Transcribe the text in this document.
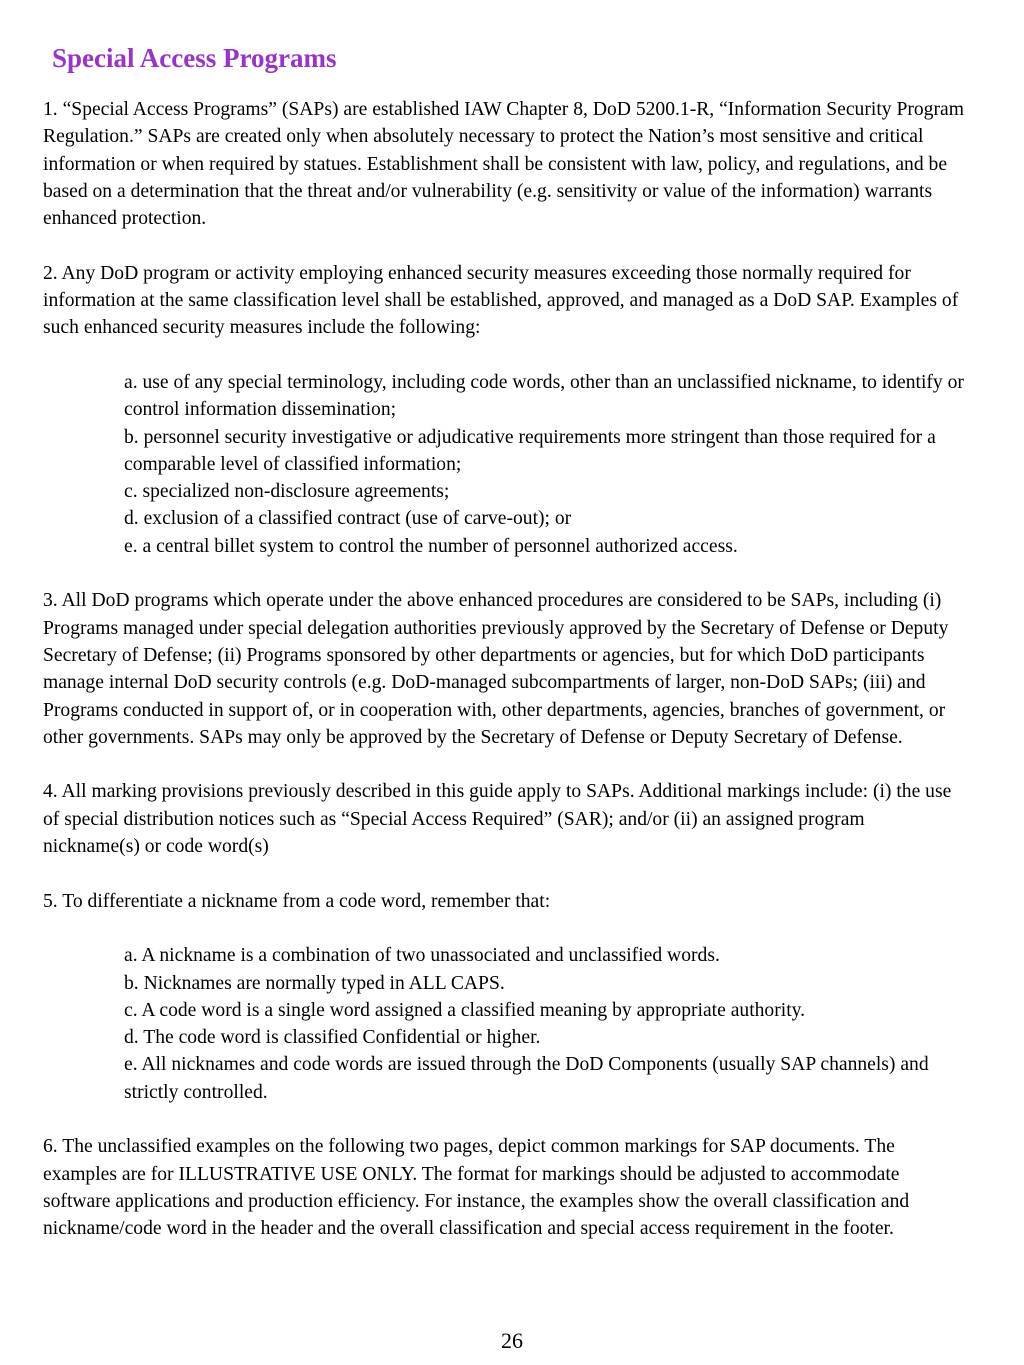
Special Access Programs

1. “Special Access Programs” (SAPs) are established IAW Chapter 8, DoD 5200.1-R, “Information Security Program Regulation.” SAPs are created only when absolutely necessary to protect the Nation’s most sensitive and critical information or when required by statues. Establishment shall be consistent with law, policy, and regulations, and be based on a determination that the threat and/or vulnerability (e.g. sensitivity or value of the information) warrants enhanced protection.

2. Any DoD program or activity employing enhanced security measures exceeding those normally required for information at the same classification level shall be established, approved, and managed as a DoD SAP. Examples of such enhanced security measures include the following:

a. use of any special terminology, including code words, other than an unclassified nickname, to identify or control information dissemination;
b. personnel security investigative or adjudicative requirements more stringent than those required for a comparable level of classified information;
c. specialized non-disclosure agreements;
d. exclusion of a classified contract (use of carve-out); or
e. a central billet system to control the number of personnel authorized access.

3. All DoD programs which operate under the above enhanced procedures are considered to be SAPs, including (i) Programs managed under special delegation authorities previously approved by the Secretary of Defense or Deputy Secretary of Defense; (ii) Programs sponsored by other departments or agencies, but for which DoD participants manage internal DoD security controls (e.g. DoD-managed subcompartments of larger, non-DoD SAPs; (iii) and Programs conducted in support of, or in cooperation with, other departments, agencies, branches of government, or other governments. SAPs may only be approved by the Secretary of Defense or Deputy Secretary of Defense.

4. All marking provisions previously described in this guide apply to SAPs. Additional markings include: (i) the use of special distribution notices such as “Special Access Required” (SAR); and/or (ii) an assigned program nickname(s) or code word(s)

5. To differentiate a nickname from a code word, remember that:

a. A nickname is a combination of two unassociated and unclassified words.
b. Nicknames are normally typed in ALL CAPS.
c. A code word is a single word assigned a classified meaning by appropriate authority.
d. The code word is classified Confidential or higher.
e. All nicknames and code words are issued through the DoD Components (usually SAP channels) and strictly controlled.

6. The unclassified examples on the following two pages, depict common markings for SAP documents. The examples are for ILLUSTRATIVE USE ONLY. The format for markings should be adjusted to accommodate software applications and production efficiency. For instance, the examples show the overall classification and nickname/code word in the header and the overall classification and special access requirement in the footer.

26
